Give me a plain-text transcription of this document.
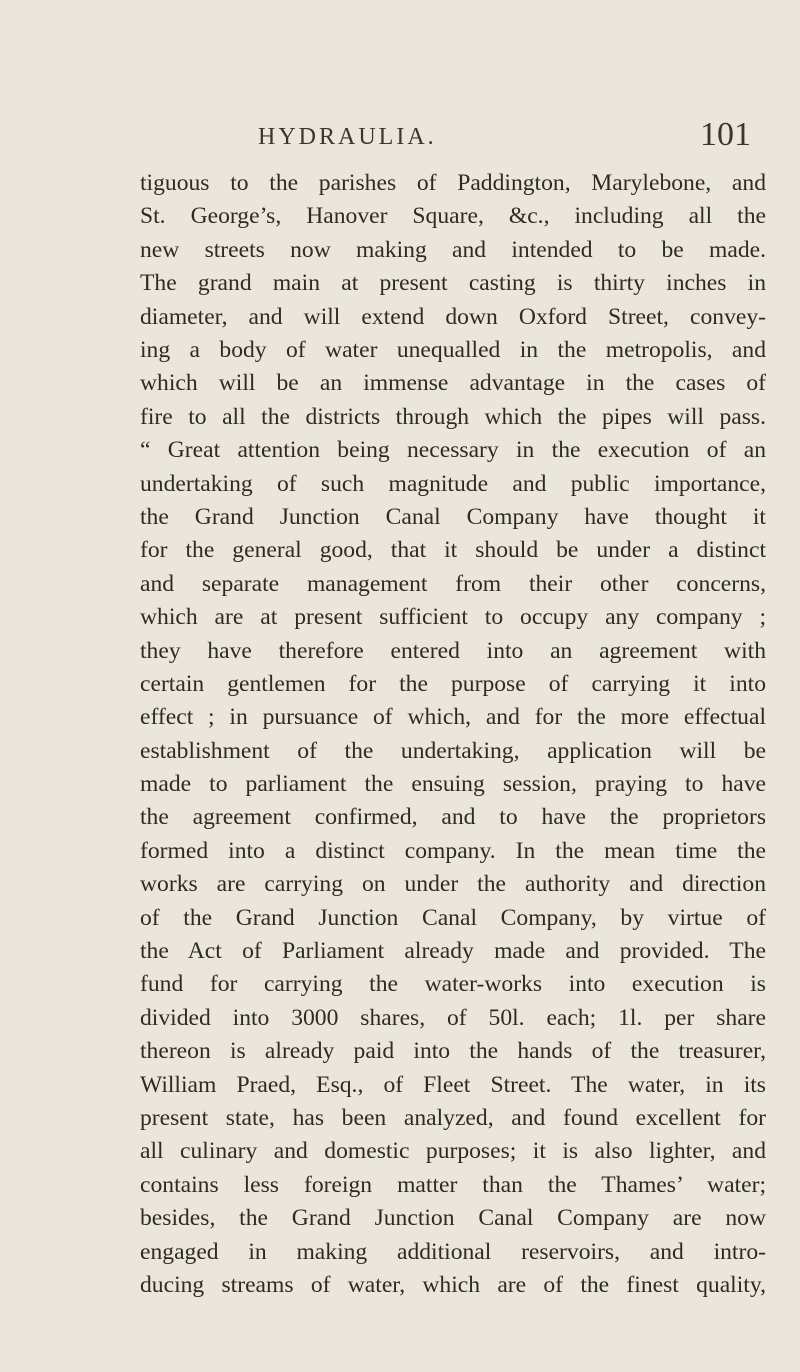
HYDRAULIA.	101
tiguous to the parishes of Paddington, Marylebone, and
St. George’s, Hanover Square, &c., including all the
new streets now making and intended to be made.
The grand main at present casting is thirty inches in
diameter, and will extend down Oxford Street, convey-
ing a body of water unequalled in the metropolis, and
which will be an immense advantage in the cases of
fire to all the districts through which the pipes will pass.
“ Great attention being necessary in the execution of an
undertaking of such magnitude and public importance,
the Grand Junction Canal Company have thought it
for the general good, that it should be under a distinct
and separate management from their other concerns,
which are at present sufficient to occupy any company ;
they have therefore entered into an agreement with
certain gentlemen for the purpose of carrying it into
effect ; in pursuance of which, and for the more effectual
establishment of the undertaking, application will be
made to parliament the ensuing session, praying to have
the agreement confirmed, and to have the proprietors
formed into a distinct company. In the mean time the
works are carrying on under the authority and direction
of the Grand Junction Canal Company, by virtue of
the Act of Parliament already made and provided. The
fund for carrying the water-works into execution is
divided into 3000 shares, of 50l. each; 1l. per share
thereon is already paid into the hands of the treasurer,
William Praed, Esq., of Fleet Street. The water, in its
present state, has been analyzed, and found excellent for
all culinary and domestic purposes; it is also lighter, and
contains less foreign matter than the Thames’ water;
besides, the Grand Junction Canal Company are now
engaged in making additional reservoirs, and intro-
ducing streams of water, which are of the finest quality,
